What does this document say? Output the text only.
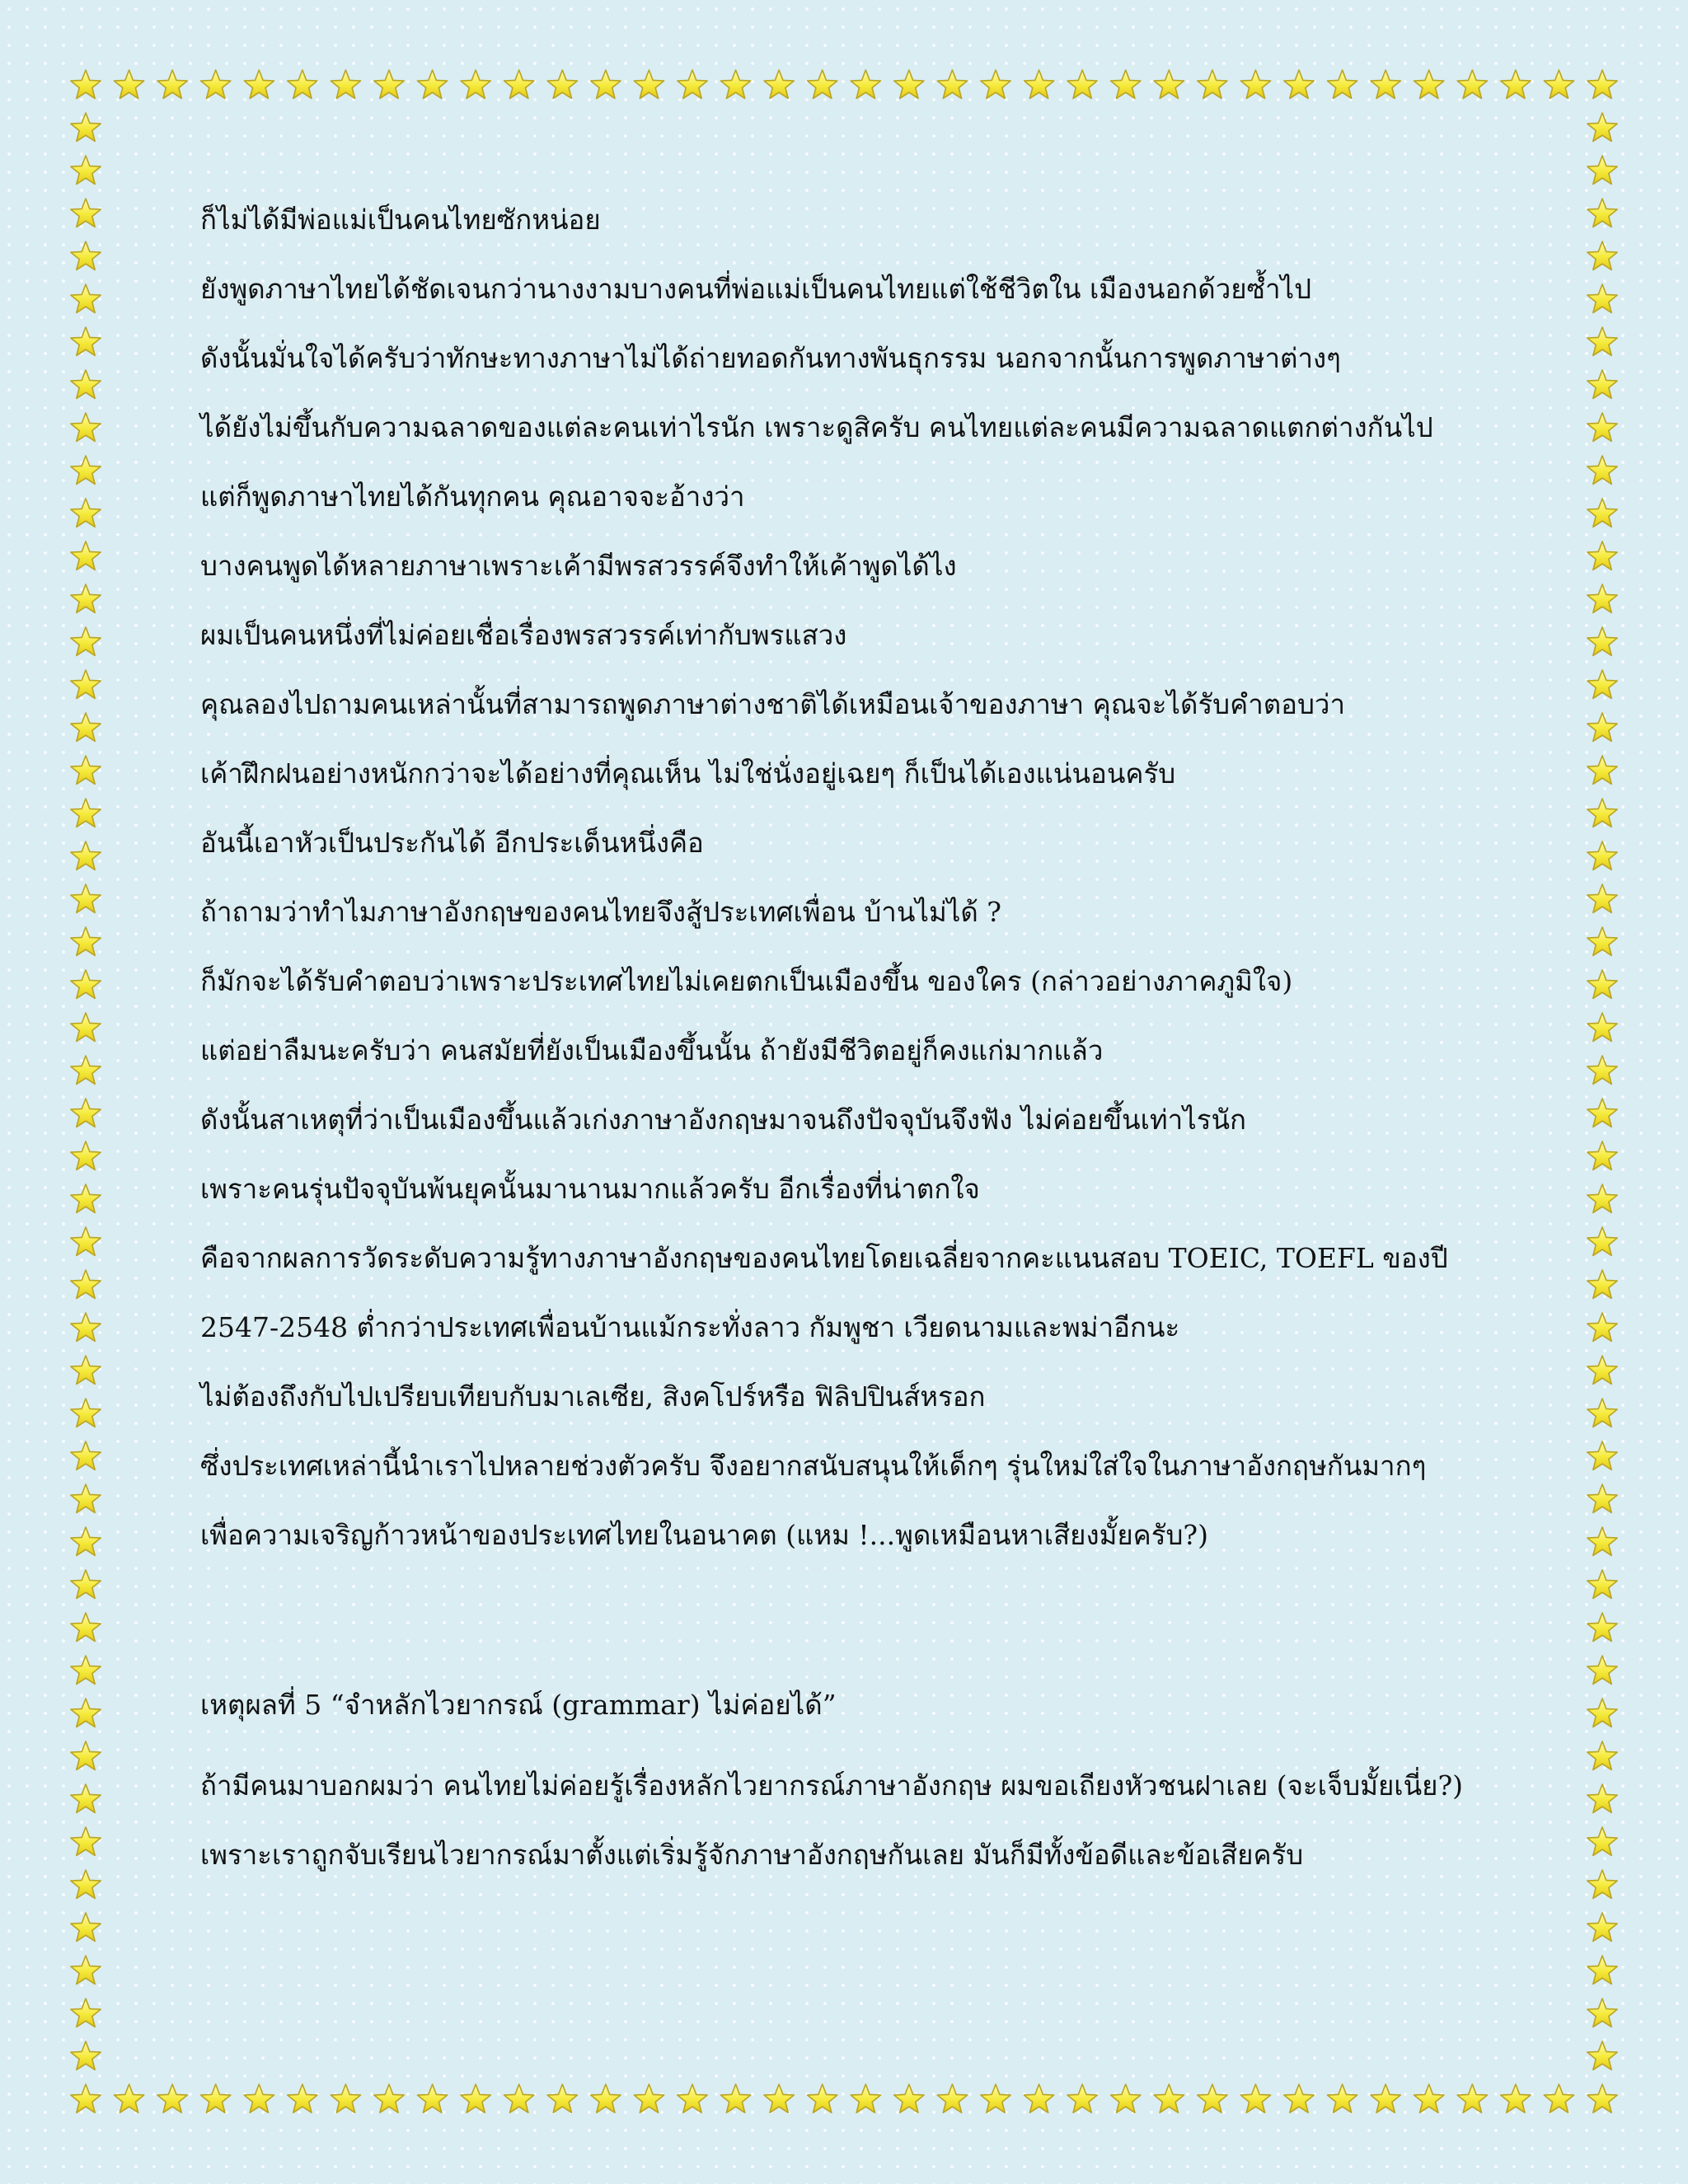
ก็ไม่ได้มีพ่อแม่เป็นคนไทยซักหน่อย
ยังพูดภาษาไทยได้ชัดเจนกว่านางงามบางคนที่พ่อแม่เป็นคนไทยแต่ใช้ชีวิตใน เมืองนอกด้วยซ้ำไป
ดังนั้นมั่นใจได้ครับว่าทักษะทางภาษาไม่ได้ถ่ายทอดกันทางพันธุกรรม นอกจากนั้นการพูดภาษาต่างๆ
ได้ยังไม่ขึ้นกับความฉลาดของแต่ละคนเท่าไรนัก เพราะดูสิครับ คนไทยแต่ละคนมีความฉลาดแตกต่างกันไป
แต่ก็พูดภาษาไทยได้กันทุกคน คุณอาจจะอ้างว่า
บางคนพูดได้หลายภาษาเพราะเค้ามีพรสวรรค์จึงทำให้เค้าพูดได้ไง
ผมเป็นคนหนึ่งที่ไม่ค่อยเชื่อเรื่องพรสวรรค์เท่ากับพรแสวง
คุณลองไปถามคนเหล่านั้นที่สามารถพูดภาษาต่างชาติได้เหมือนเจ้าของภาษา คุณจะได้รับคำตอบว่า
เค้าฝึกฝนอย่างหนักกว่าจะได้อย่างที่คุณเห็น ไม่ใช่นั่งอยู่เฉยๆ ก็เป็นได้เองแน่นอนครับ
อันนี้เอาหัวเป็นประกันได้ อีกประเด็นหนึ่งคือ
ถ้าถามว่าทำไมภาษาอังกฤษของคนไทยจึงสู้ประเทศเพื่อน บ้านไม่ได้ ?
ก็มักจะได้รับคำตอบว่าเพราะประเทศไทยไม่เคยตกเป็นเมืองขึ้น ของใคร (กล่าวอย่างภาคภูมิใจ)
แต่อย่าลืมนะครับว่า คนสมัยที่ยังเป็นเมืองขึ้นนั้น ถ้ายังมีชีวิตอยู่ก็คงแก่มากแล้ว
ดังนั้นสาเหตุที่ว่าเป็นเมืองขึ้นแล้วเก่งภาษาอังกฤษมาจนถึงปัจจุบันจึงฟัง ไม่ค่อยขึ้นเท่าไรนัก
เพราะคนรุ่นปัจจุบันพ้นยุคนั้นมานานมากแล้วครับ อีกเรื่องที่น่าตกใจ
คือจากผลการวัดระดับความรู้ทางภาษาอังกฤษของคนไทยโดยเฉลี่ยจากคะแนนสอบ TOEIC, TOEFL ของปี
2547-2548 ต่ำกว่าประเทศเพื่อนบ้านแม้กระทั่งลาว กัมพูชา เวียดนามและพม่าอีกนะ
ไม่ต้องถึงกับไปเปรียบเทียบกับมาเลเซีย, สิงคโปร์หรือ ฟิลิปปินส์หรอก
ซึ่งประเทศเหล่านี้นำเราไปหลายช่วงตัวครับ จึงอยากสนับสนุนให้เด็กๆ รุ่นใหม่ใส่ใจในภาษาอังกฤษกันมากๆ
เพื่อความเจริญก้าวหน้าของประเทศไทยในอนาคต (แหม !...พูดเหมือนหาเสียงมั้ยครับ?)
เหตุผลที่ 5 “จำหลักไวยากรณ์ (grammar) ไม่ค่อยได้”
ถ้ามีคนมาบอกผมว่า คนไทยไม่ค่อยรู้เรื่องหลักไวยากรณ์ภาษาอังกฤษ ผมขอเถียงหัวชนฝาเลย (จะเจ็บมั้ยเนี่ย?)
เพราะเราถูกจับเรียนไวยากรณ์มาตั้งแต่เริ่มรู้จักภาษาอังกฤษกันเลย มันก็มีทั้งข้อดีและข้อเสียครับ
